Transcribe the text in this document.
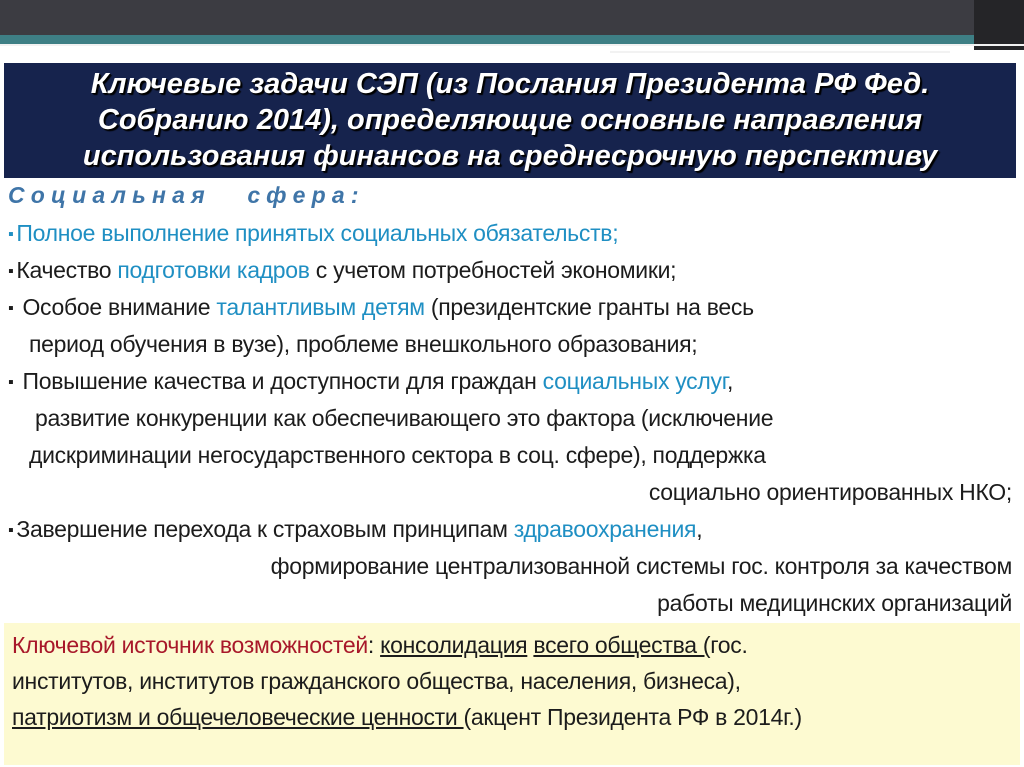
Ключевые задачи СЭП (из Послания Президента РФ Фед.
Собранию 2014), определяющие основные направления
использования финансов на среднесрочную перспективу
Социальная сфера:
▪ Полное выполнение принятых социальных обязательств;
▪ Качество подготовки кадров с учетом потребностей экономики;
▪ Особое внимание талантливым детям (президентские гранты на весь
период обучения в вузе), проблеме внешкольного образования;
▪ Повышение качества и доступности для граждан социальных услуг,
развитие конкуренции как обеспечивающего это фактора (исключение
дискриминации негосударственного сектора в соц. сфере), поддержка
социально ориентированных НКО;
▪ Завершение перехода к страховым принципам здравоохранения,
формирование централизованной системы гос. контроля за качеством
работы медицинских организаций
Ключевой источник возможностей: консолидация всего общества (гос.
институтов, институтов гражданского общества, населения, бизнеса),
патриотизм и общечеловеческие ценности (акцент Президента РФ в 2014г.)
